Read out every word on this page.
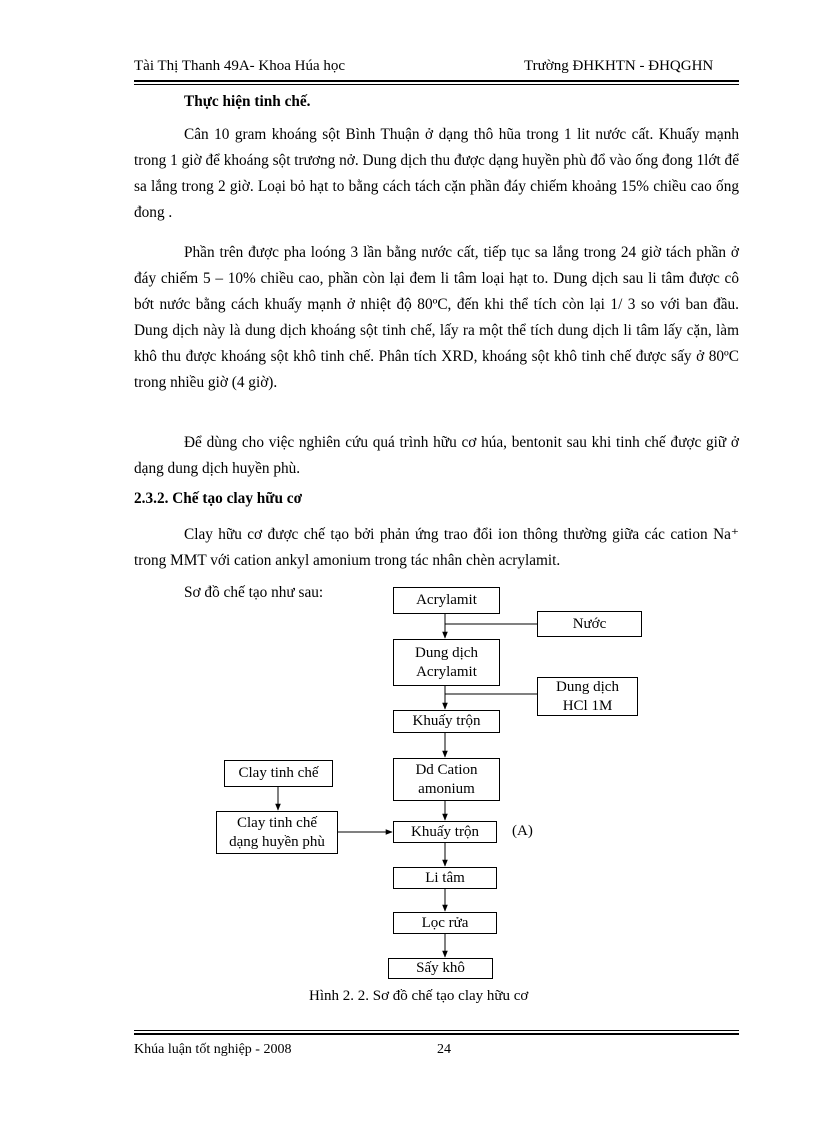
Tài Thị Thanh 49A- Khoa Húa học	Trường ĐHKHTN - ĐHQGHN
Thực hiện tinh chế.

Cân 10 gram khoáng sột Bình Thuận ở dạng thô hũa trong 1 lit nước cất. Khuấy mạnh trong 1 giờ để khoáng sột trương nở. Dung dịch thu được dạng huyền phù đổ vào ống đong 1lớt để sa lắng trong 2 giờ. Loại bỏ hạt to bằng cách tách cặn phần đáy chiếm khoảng 15% chiều cao ống đong .

Phần trên được pha loóng 3 lần bằng nước cất, tiếp tục sa lắng trong 24 giờ tách phần ở đáy chiếm 5 – 10% chiều cao, phần còn lại đem li tâm loại hạt to. Dung dịch sau li tâm được cô bớt nước bằng cách khuấy mạnh ở nhiệt độ 80ºC, đến khi thể tích còn lại 1/ 3 so với ban đầu. Dung dịch này là dung dịch khoáng sột tinh chế, lấy ra một thể tích dung dịch li tâm lấy cặn, làm khô thu được khoáng sột khô tinh chế. Phân tích XRD, khoáng sột khô tinh chế được sấy ở 80ºC trong nhiều giờ (4 giờ).

Để dùng cho việc nghiên cứu quá trình hữu cơ húa, bentonit sau khi tinh chế được giữ ở dạng dung dịch huyền phù.

2.3.2. Chế tạo clay hữu cơ

Clay hữu cơ được chế tạo bởi phản ứng trao đổi ion thông thường giữa các cation Na⁺ trong MMT với cation ankyl amonium trong tác nhân chèn acrylamit.

Sơ đồ chế tạo như sau:	Acrylamit
Nước
Dung dịch
Acrylamit
Dung dịch
HCl 1M
Khuấy trộn
Dd Cation
amonium
Clay tinh chế
Clay tinh chế
dạng huyền phù
Khuấy trộn (A)
Li tâm
Lọc rửa
Sấy khô
Hình 2. 2. Sơ đồ chế tạo clay hữu cơ
Khúa luận tốt nghiệp - 2008	24
